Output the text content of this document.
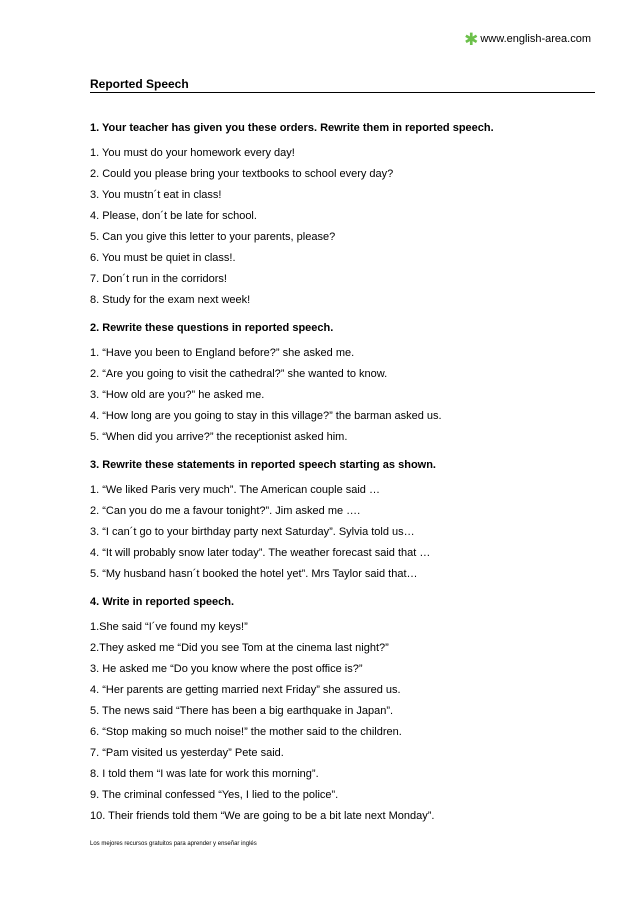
✱ www.english-area.com
Reported Speech
1. Your teacher has given you these orders. Rewrite them in reported speech.
1. You must do your homework every day!
2. Could you please bring your textbooks to school every day?
3. You mustn´t eat in class!
4. Please, don´t be late for school.
5. Can you give this letter to your parents, please?
6. You must be quiet in class!.
7. Don´t run in the corridors!
8. Study for the exam next week!
2. Rewrite these questions in reported speech.
1. “Have you been to England before?” she asked me.
2. “Are you going to visit the cathedral?” she wanted to know.
3. “How old are you?” he asked me.
4. “How long are you going to stay in this village?” the barman asked us.
5. “When did you arrive?” the receptionist asked him.
3. Rewrite these statements in reported speech starting as shown.
1. “We liked Paris very much”. The American couple said …
2. “Can you do me a favour tonight?”. Jim asked me ….
3. “I can´t go to your birthday party next Saturday”. Sylvia told us…
4. “It will probably snow later today”. The weather forecast said that …
5. “My husband hasn´t booked the hotel yet”. Mrs Taylor said that…
4. Write in reported speech.
1.She said “I´ve found my keys!”
2.They asked me “Did you see Tom at the cinema last night?”
3. He asked me “Do you know where the post office is?”
4. “Her parents are getting married next Friday” she assured us.
5. The news said “There has been a big earthquake in Japan”.
6. “Stop making so much noise!” the mother said to the children.
7. “Pam visited us yesterday” Pete said.
8. I told them “I was late for work this morning”.
9. The criminal confessed “Yes, I lied to the police”.
10. Their friends told them “We are going to be a bit late next Monday”.
Los mejores recursos gratuitos para aprender y enseñar inglés
